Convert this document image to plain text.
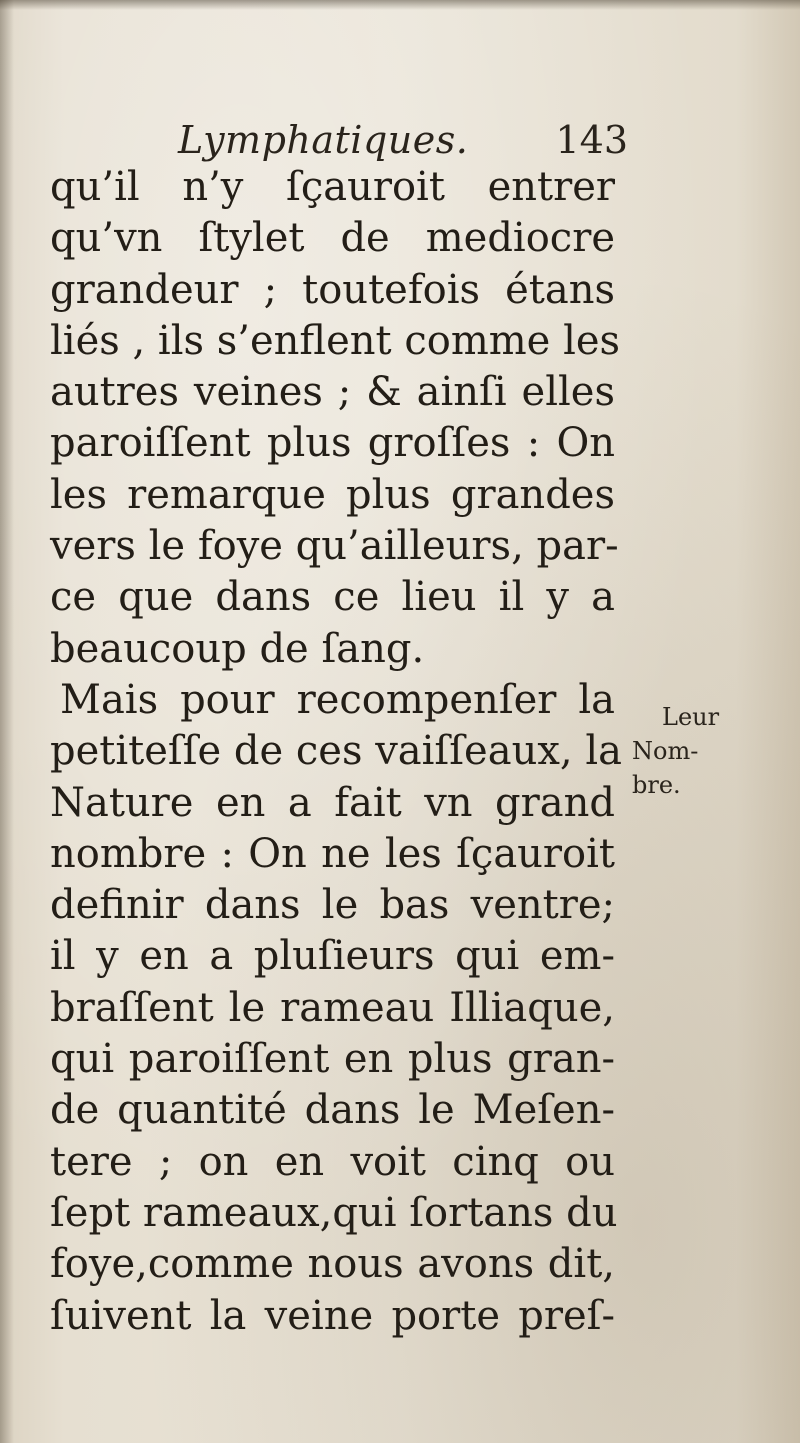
Lymphatiques. 143
qu’il n’y ſçauroit entrer
qu’vn ſtylet de mediocre
grandeur ; toutefois étans
liés , ils s’enflent comme les
autres veines ; & ainſi elles
paroiſſent plus groſſes : On
les remarque plus grandes
vers le foye qu’ailleurs, par-
ce que dans ce lieu il y a
beaucoup de ſang.
Mais pour recompenſer la
petiteſſe de ces vaiſſeaux, la
Nature en a fait vn grand
nombre : On ne les ſçauroit
definir dans le bas ventre;
il y en a pluſieurs qui em-
braſſent le rameau Illiaque,
qui paroiſſent en plus gran-
de quantité dans le Meſen-
tere ; on en voit cinq ou
ſept rameaux,qui ſortans du
foye,comme nous avons dit,
ſuivent la veine porte preſ-
Leur
Nom-
bre.
